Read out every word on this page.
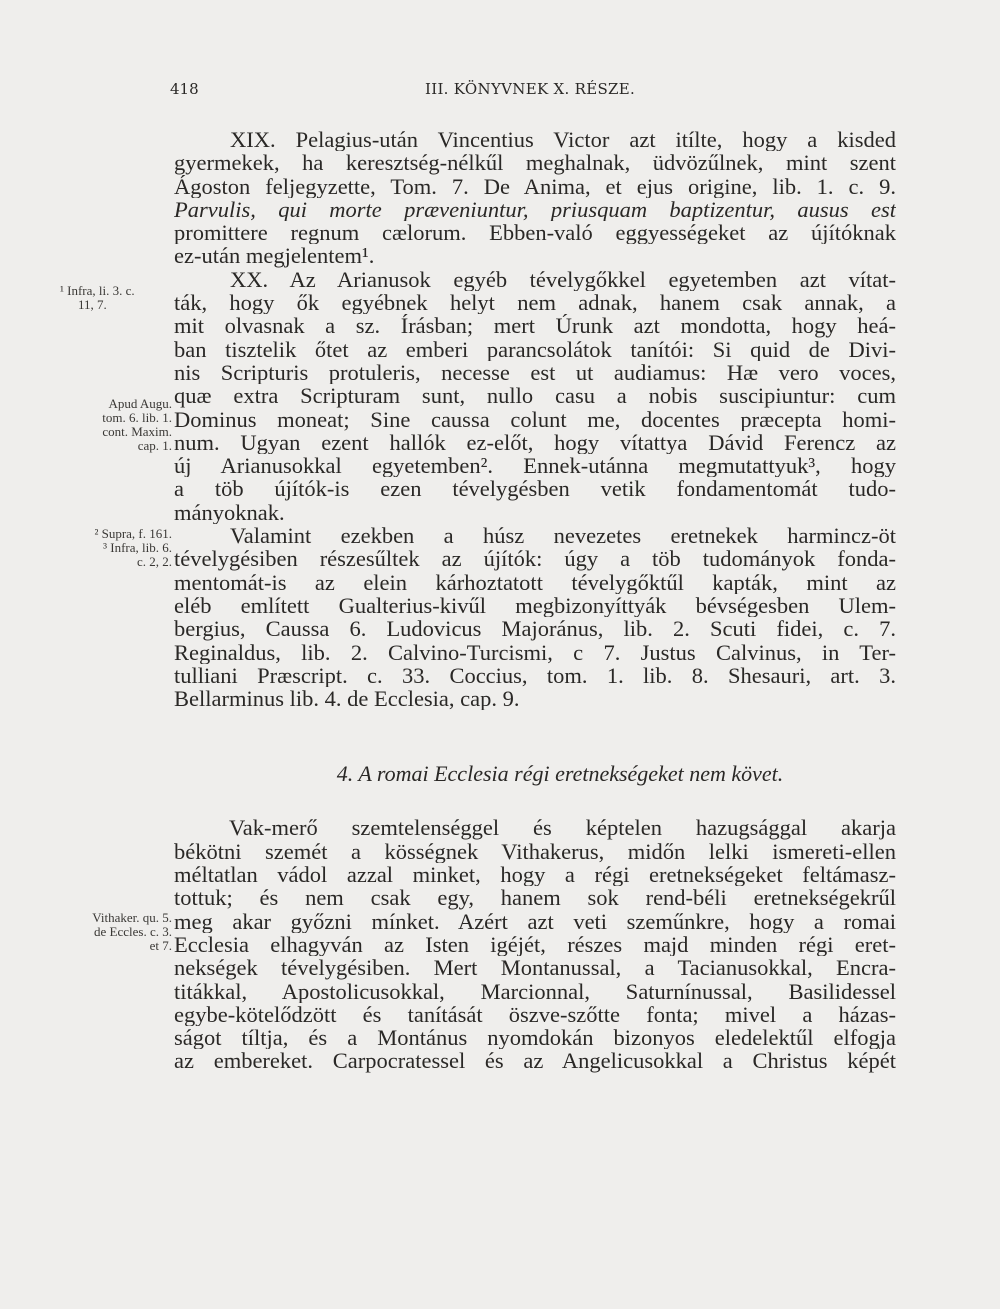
418	III. KÖNYVNEK X. RÉSZE.
¹ Infra, li. 3. c.
11, 7.
Apud Augu.
tom. 6. lib. 1.
cont. Maxim.
cap. 1.
² Supra, f. 161.
³ Infra, lib. 6.
c. 2, 2.
Vithaker. qu. 5.
de Eccles. c. 3.
et 7.
XIX. Pelagius-után Vincentius Victor azt itílte, hogy a kisded
gyermekek, ha keresztség-nélkűl meghalnak, üdvözűlnek, mint szent
Ágoston feljegyzette, Tom. 7. De Anima, et ejus origine, lib. 1. c. 9.
Parvulis, qui morte præveniuntur, priusquam baptizentur, ausus est
promittere regnum cælorum. Ebben-való eggyességeket az újítóknak
ez-után megjelentem¹.
XX. Az Arianusok egyéb tévelygőkkel egyetemben azt vítat-
ták, hogy ők egyébnek helyt nem adnak, hanem csak annak, a
mit olvasnak a sz. Írásban; mert Úrunk azt mondotta, hogy heá-
ban tisztelik őtet az emberi parancsolátok tanítói: Si quid de Divi-
nis Scripturis protuleris, necesse est ut audiamus: Hæ vero voces,
quæ extra Scripturam sunt, nullo casu a nobis suscipiuntur: cum
Dominus moneat; Sine caussa colunt me, docentes præcepta homi-
num. Ugyan ezent hallók ez-előt, hogy vítattya Dávid Ferencz az
új Arianusokkal egyetemben². Ennek-utánna megmutattyuk³, hogy
a töb újítók-is ezen tévelygésben vetik fondamentomát tudo-
mányoknak.
Valamint ezekben a húsz nevezetes eretnekek harmincz-öt
tévelygésiben részesűltek az újítók: úgy a töb tudományok fonda-
mentomát-is az elein kárhoztatott tévelygőktűl kapták, mint az
eléb említett Gualterius-kivűl megbizonyíttyák bévségesben Ulem-
bergius, Caussa 6. Ludovicus Majoránus, lib. 2. Scuti fidei, c. 7.
Reginaldus, lib. 2. Calvino-Turcismi, c 7. Justus Calvinus, in Ter-
tulliani Præscript. c. 33. Coccius, tom. 1. lib. 8. Shesauri, art. 3.
Bellarminus lib. 4. de Ecclesia, cap. 9.
4. A romai Ecclesia régi eretnekségeket nem követ.
Vak-merő szemtelenséggel és képtelen hazugsággal akarja
békötni szemét a kösségnek Vithakerus, midőn lelki ismereti-ellen
méltatlan vádol azzal minket, hogy a régi eretnekségeket feltámasz-
tottuk; és nem csak egy, hanem sok rend-béli eretnekségekrűl
meg akar győzni mínket. Azért azt veti szeműnkre, hogy a romai
Ecclesia elhagyván az Isten igéjét, részes majd minden régi eret-
nekségek tévelygésiben. Mert Montanussal, a Tacianusokkal, Encra-
titákkal, Apostolicusokkal, Marcionnal, Saturnínussal, Basilidessel
egybe-kötelődzött és tanítását öszve-szőtte fonta; mivel a házas-
ságot tíltja, és a Montánus nyomdokán bizonyos eledelektűl elfogja
az embereket. Carpocratessel és az Angelicusokkal a Christus képét
